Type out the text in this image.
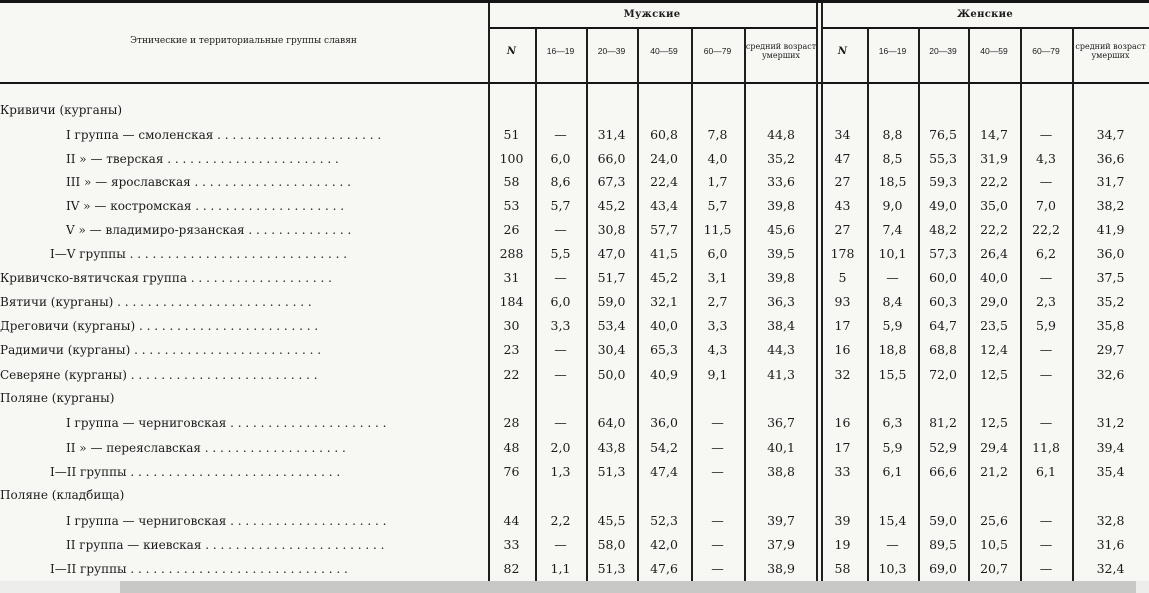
Этнические и территориальные группы славян
Мужские	Женские
N	16—19	20—39	40—59	60—79	средний возраст умерших	N	16—19	20—39	40—59	60—79	средний возраст умерших
Кривичи (курганы)
I группа — смоленская . . . . . . . . . . . . . . . . . . . . . .	51	—	31,4	60,8	7,8	44,8	34	8,8	76,5	14,7	—	34,7
II » — тверская . . . . . . . . . . . . . . . . . . . . . . .	100	6,0	66,0	24,0	4,0	35,2	47	8,5	55,3	31,9	4,3	36,6
III » — ярославская . . . . . . . . . . . . . . . . . . . . .	58	8,6	67,3	22,4	1,7	33,6	27	18,5	59,3	22,2	—	31,7
IV » — костромская . . . . . . . . . . . . . . . . . . . .	53	5,7	45,2	43,4	5,7	39,8	43	9,0	49,0	35,0	7,0	38,2
V » — владимиро-рязанская . . . . . . . . . . . . . .	26	—	30,8	57,7	11,5	45,6	27	7,4	48,2	22,2	22,2	41,9
I—V группы . . . . . . . . . . . . . . . . . . . . . . . . . . . . .	288	5,5	47,0	41,5	6,0	39,5	178	10,1	57,3	26,4	6,2	36,0
Кривичско-вятичская группа . . . . . . . . . . . . . . . . . . .	31	—	51,7	45,2	3,1	39,8	5	—	60,0	40,0	—	37,5
Вятичи (курганы) . . . . . . . . . . . . . . . . . . . . . . . . . .	184	6,0	59,0	32,1	2,7	36,3	93	8,4	60,3	29,0	2,3	35,2
Дреговичи (курганы) . . . . . . . . . . . . . . . . . . . . . . . .	30	3,3	53,4	40,0	3,3	38,4	17	5,9	64,7	23,5	5,9	35,8
Радимичи (курганы) . . . . . . . . . . . . . . . . . . . . . . . . .	23	—	30,4	65,3	4,3	44,3	16	18,8	68,8	12,4	—	29,7
Северяне (курганы) . . . . . . . . . . . . . . . . . . . . . . . . .	22	—	50,0	40,9	9,1	41,3	32	15,5	72,0	12,5	—	32,6
Поляне (курганы)
I группа — черниговская . . . . . . . . . . . . . . . . . . . . .	28	—	64,0	36,0	—	36,7	16	6,3	81,2	12,5	—	31,2
II » — переяславская . . . . . . . . . . . . . . . . . . .	48	2,0	43,8	54,2	—	40,1	17	5,9	52,9	29,4	11,8	39,4
I—II группы . . . . . . . . . . . . . . . . . . . . . . . . . . . .	76	1,3	51,3	47,4	—	38,8	33	6,1	66,6	21,2	6,1	35,4
Поляне (кладбища)
I группа — черниговская . . . . . . . . . . . . . . . . . . . . .	44	2,2	45,5	52,3	—	39,7	39	15,4	59,0	25,6	—	32,8
II группа — киевская . . . . . . . . . . . . . . . . . . . . . . . .	33	—	58,0	42,0	—	37,9	19	—	89,5	10,5	—	31,6
I—II группы . . . . . . . . . . . . . . . . . . . . . . . . . . . . .	82	1,1	51,3	47,6	—	38,9	58	10,3	69,0	20,7	—	32,4
